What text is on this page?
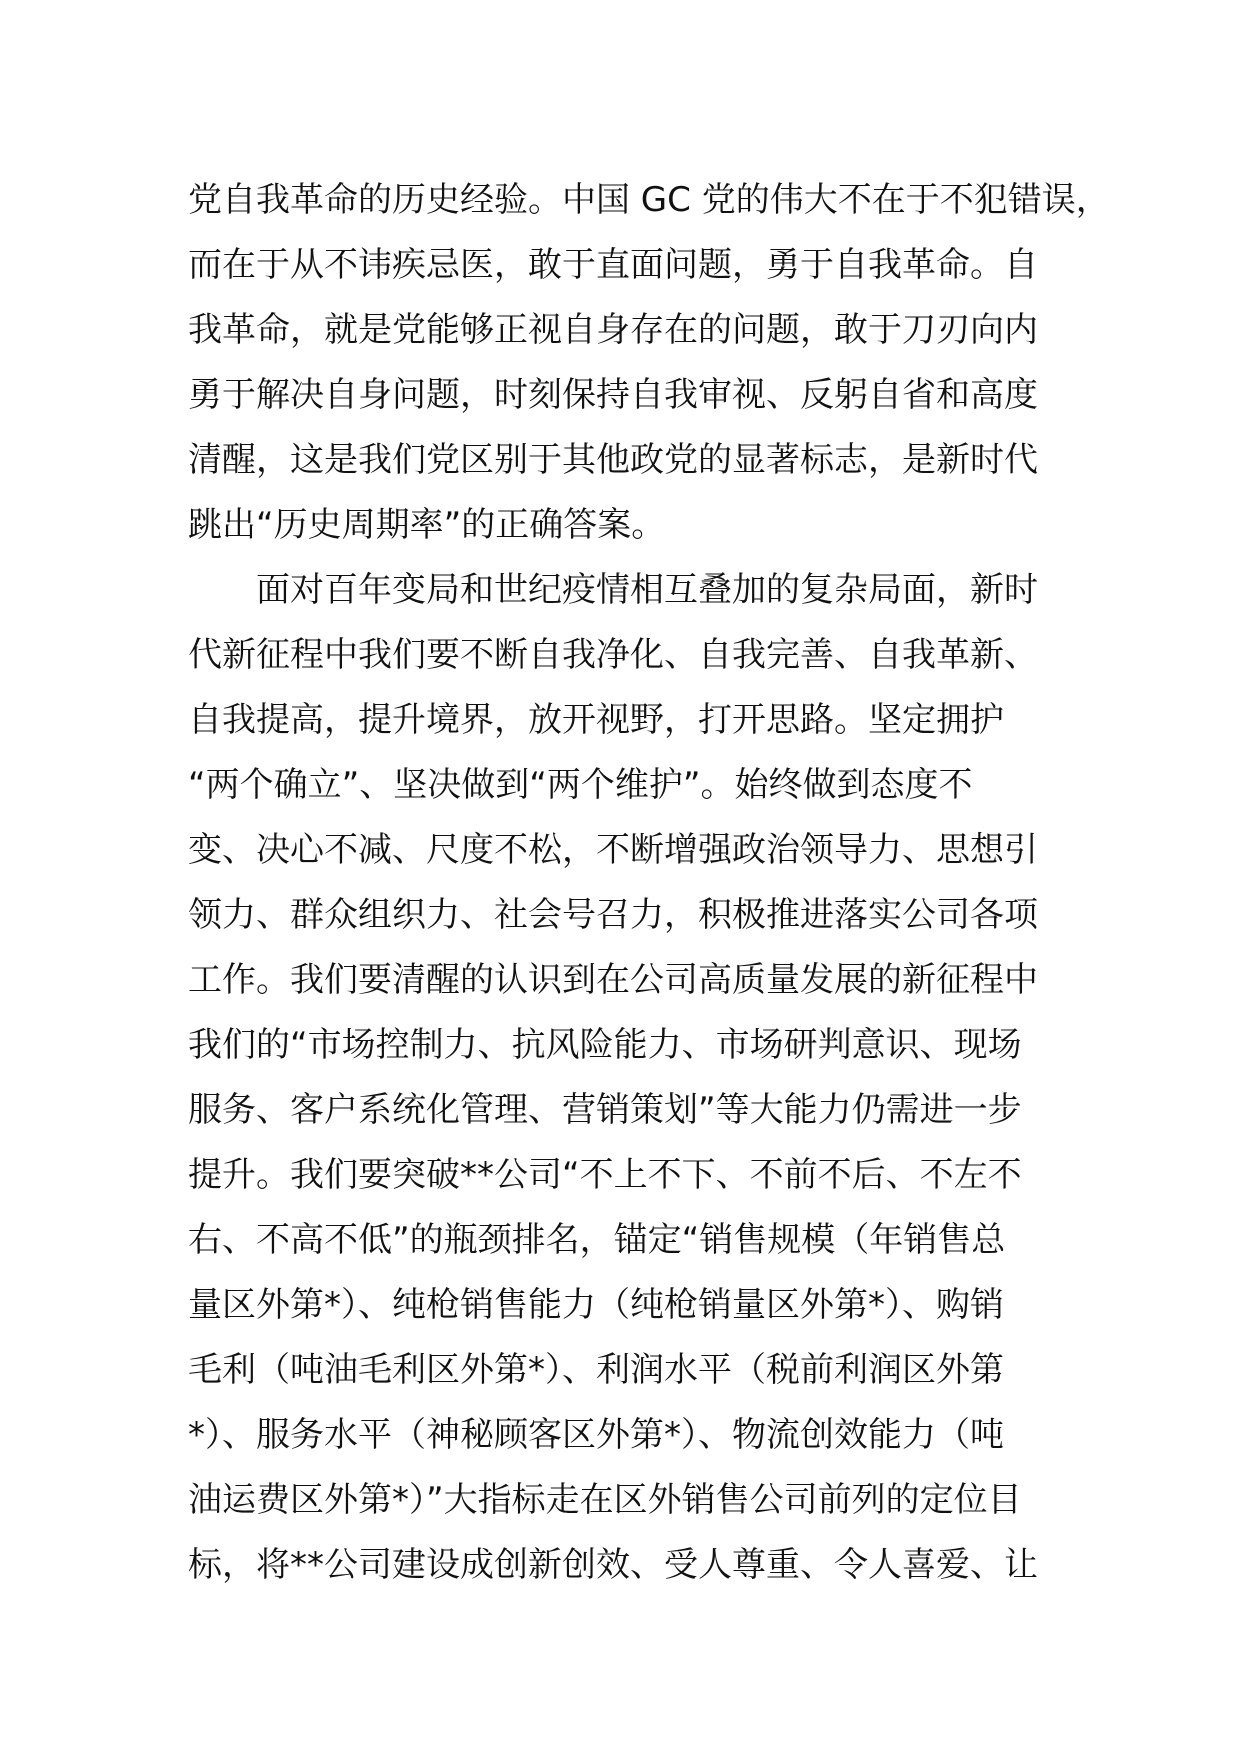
党自我革命的历史经验。中国 GC 党的伟大不在于不犯错误，
而在于从不讳疾忌医，敢于直面问题，勇于自我革命。自
我革命，就是党能够正视自身存在的问题，敢于刀刃向内
勇于解决自身问题，时刻保持自我审视、反躬自省和高度
清醒，这是我们党区别于其他政党的显著标志，是新时代
跳出“历史周期率”的正确答案。
　　面对百年变局和世纪疫情相互叠加的复杂局面，新时
代新征程中我们要不断自我净化、自我完善、自我革新、
自我提高，提升境界，放开视野，打开思路。坚定拥护
“两个确立”、坚决做到“两个维护”。始终做到态度不
变、决心不减、尺度不松，不断增强政治领导力、思想引
领力、群众组织力、社会号召力，积极推进落实公司各项
工作。我们要清醒的认识到在公司高质量发展的新征程中
我们的“市场控制力、抗风险能力、市场研判意识、现场
服务、客户系统化管理、营销策划”等大能力仍需进一步
提升。我们要突破**公司“不上不下、不前不后、不左不
右、不高不低”的瓶颈排名，锚定“销售规模（年销售总
量区外第*）、纯枪销售能力（纯枪销量区外第*）、购销
毛利（吨油毛利区外第*）、利润水平（税前利润区外第
*）、服务水平（神秘顾客区外第*）、物流创效能力（吨
油运费区外第*）”大指标走在区外销售公司前列的定位目
标，将**公司建设成创新创效、受人尊重、令人喜爱、让
